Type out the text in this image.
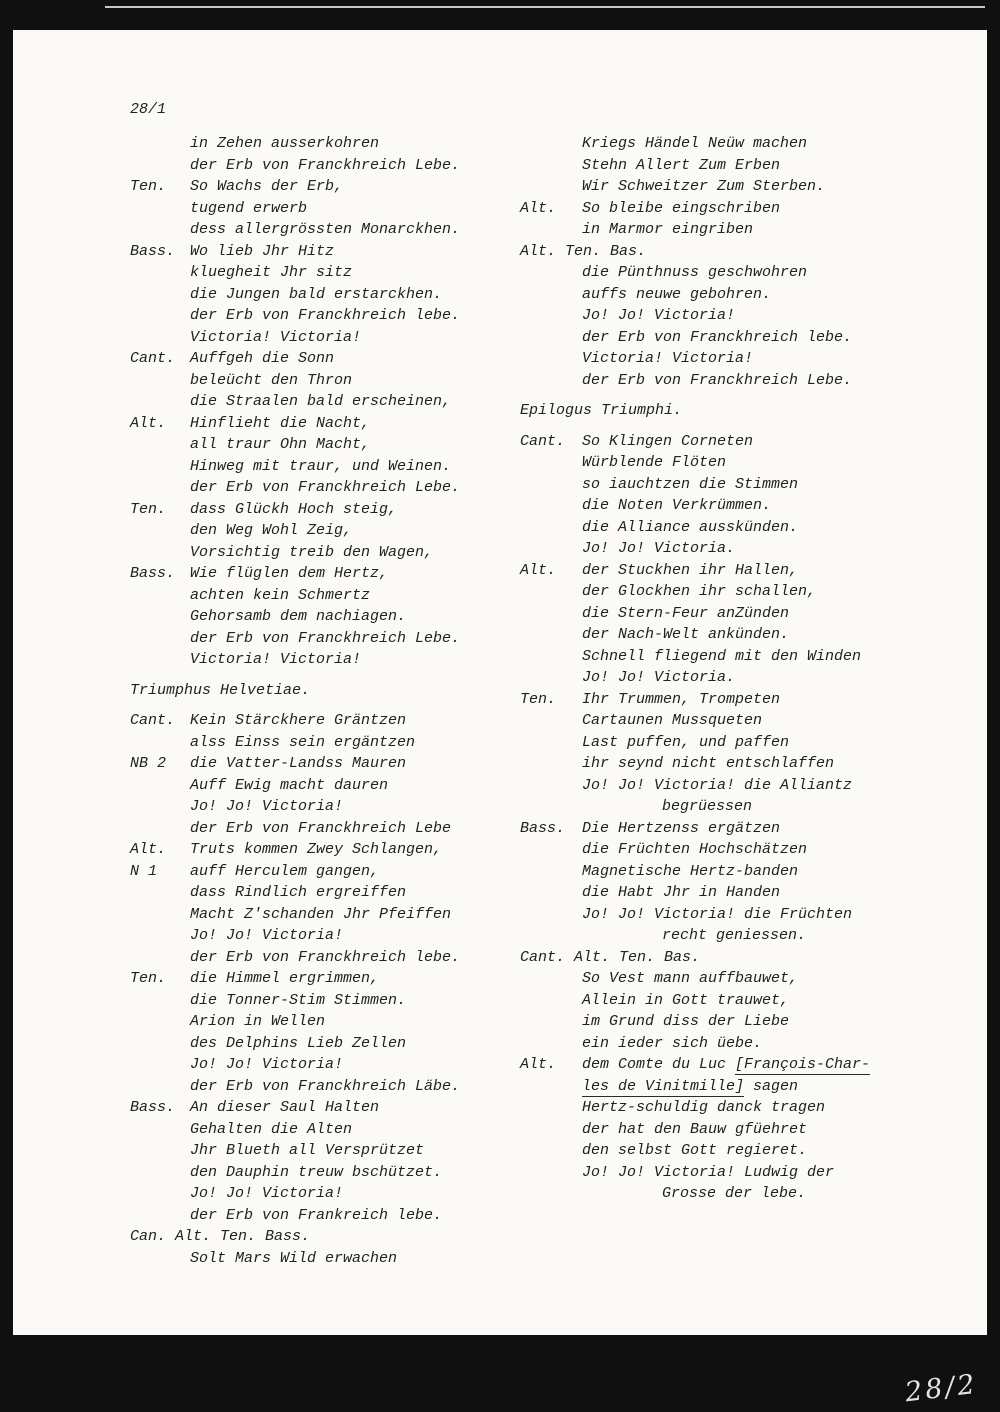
28/1
in Zehen ausserkohren
der Erb von Franckhreich Lebe.
Ten.	So Wachs der Erb,
tugend erwerb
dess allergrössten Monarckhen.
Bass. Wo lieb Jhr Hitz
kluegheit Jhr sitz
die Jungen bald erstarckhen.
der Erb von Franckhreich lebe.
Victoria! Victoria!
Cant. Auffgeh die Sonn
beleücht den Thron
die Straalen bald erscheinen,
Alt.	Hinflieht die Nacht,
all traur Ohn Macht,
Hinweg mit traur, und Weinen.
der Erb von Franckhreich Lebe.
Ten.	dass Glückh Hoch steig,
den Weg Wohl Zeig,
Vorsichtig treib den Wagen,
Bass. Wie flüglen dem Hertz,
achten kein Schmertz
Gehorsamb dem nachiagen.
der Erb von Franckhreich Lebe.
Victoria! Victoria!
Triumphus Helvetiae.
Cant. Kein Stärckhere Gräntzen
alss Einss sein ergäntzen
NB 2	die Vatter-Landss Mauren
Auff Ewig macht dauren
Jo! Jo! Victoria!
der Erb von Franckhreich Lebe
Alt.	Truts kommen Zwey Schlangen,
N 1	auff Herculem gangen,
dass Rindlich ergreiffen
Macht Z'schanden Jhr Pfeiffen
Jo! Jo! Victoria!
der Erb von Franckhreich lebe.
Ten.	die Himmel ergrimmen,
die Tonner-Stim Stimmen.
Arion in Wellen
des Delphins Lieb Zellen
Jo! Jo! Victoria!
der Erb von Franckhreich Läbe.
Bass. An dieser Saul Halten
Gehalten die Alten
Jhr Blueth all Versprützet
den Dauphin treuw bschützet.
Jo! Jo! Victoria!
der Erb von Frankreich lebe.
Can. Alt. Ten. Bass.
Solt Mars Wild erwachen
Kriegs Händel Neüw machen
Stehn Allert Zum Erben
Wir Schweitzer Zum Sterben.
Alt.	So bleibe eingschriben
in Marmor eingriben
Alt. Ten. Bas.
die Pünthnuss geschwohren
auffs neuwe gebohren.
Jo! Jo! Victoria!
der Erb von Franckhreich lebe.
Victoria! Victoria!
der Erb von Franckhreich Lebe.
Epilogus Triumphi.
Cant.	So Klingen Corneten
Würblende Flöten
so iauchtzen die Stimmen
die Noten Verkrümmen.
die Alliance ausskünden.
Jo! Jo! Victoria.
Alt.	der Stuckhen ihr Hallen,
der Glockhen ihr schallen,
die Stern-Feur anZünden
der Nach-Welt ankünden.
Schnell fliegend mit den Winden
Jo! Jo! Victoria.
Ten.	Ihr Trummen, Trompeten
Cartaunen Mussqueten
Last puffen, und paffen
ihr seynd nicht entschlaffen
Jo! Jo! Victoria! die Alliantz
begrüessen
Bass.	Die Hertzenss ergätzen
die Früchten Hochschätzen
Magnetische Hertz-banden
die Habt Jhr in Handen
Jo! Jo! Victoria! die Früchten
recht geniessen.
Cant. Alt. Ten. Bas.
So Vest mann auffbauwet,
Allein in Gott trauwet,
im Grund diss der Liebe
ein ieder sich üebe.
Alt.	dem Comte du Luc [François-Char-
les de Vinitmille] sagen
Hertz-schuldig danck tragen
der hat den Bauw gfüehret
den selbst Gott regieret.
Jo! Jo! Victoria! Ludwig der
Grosse der lebe.
28/2
